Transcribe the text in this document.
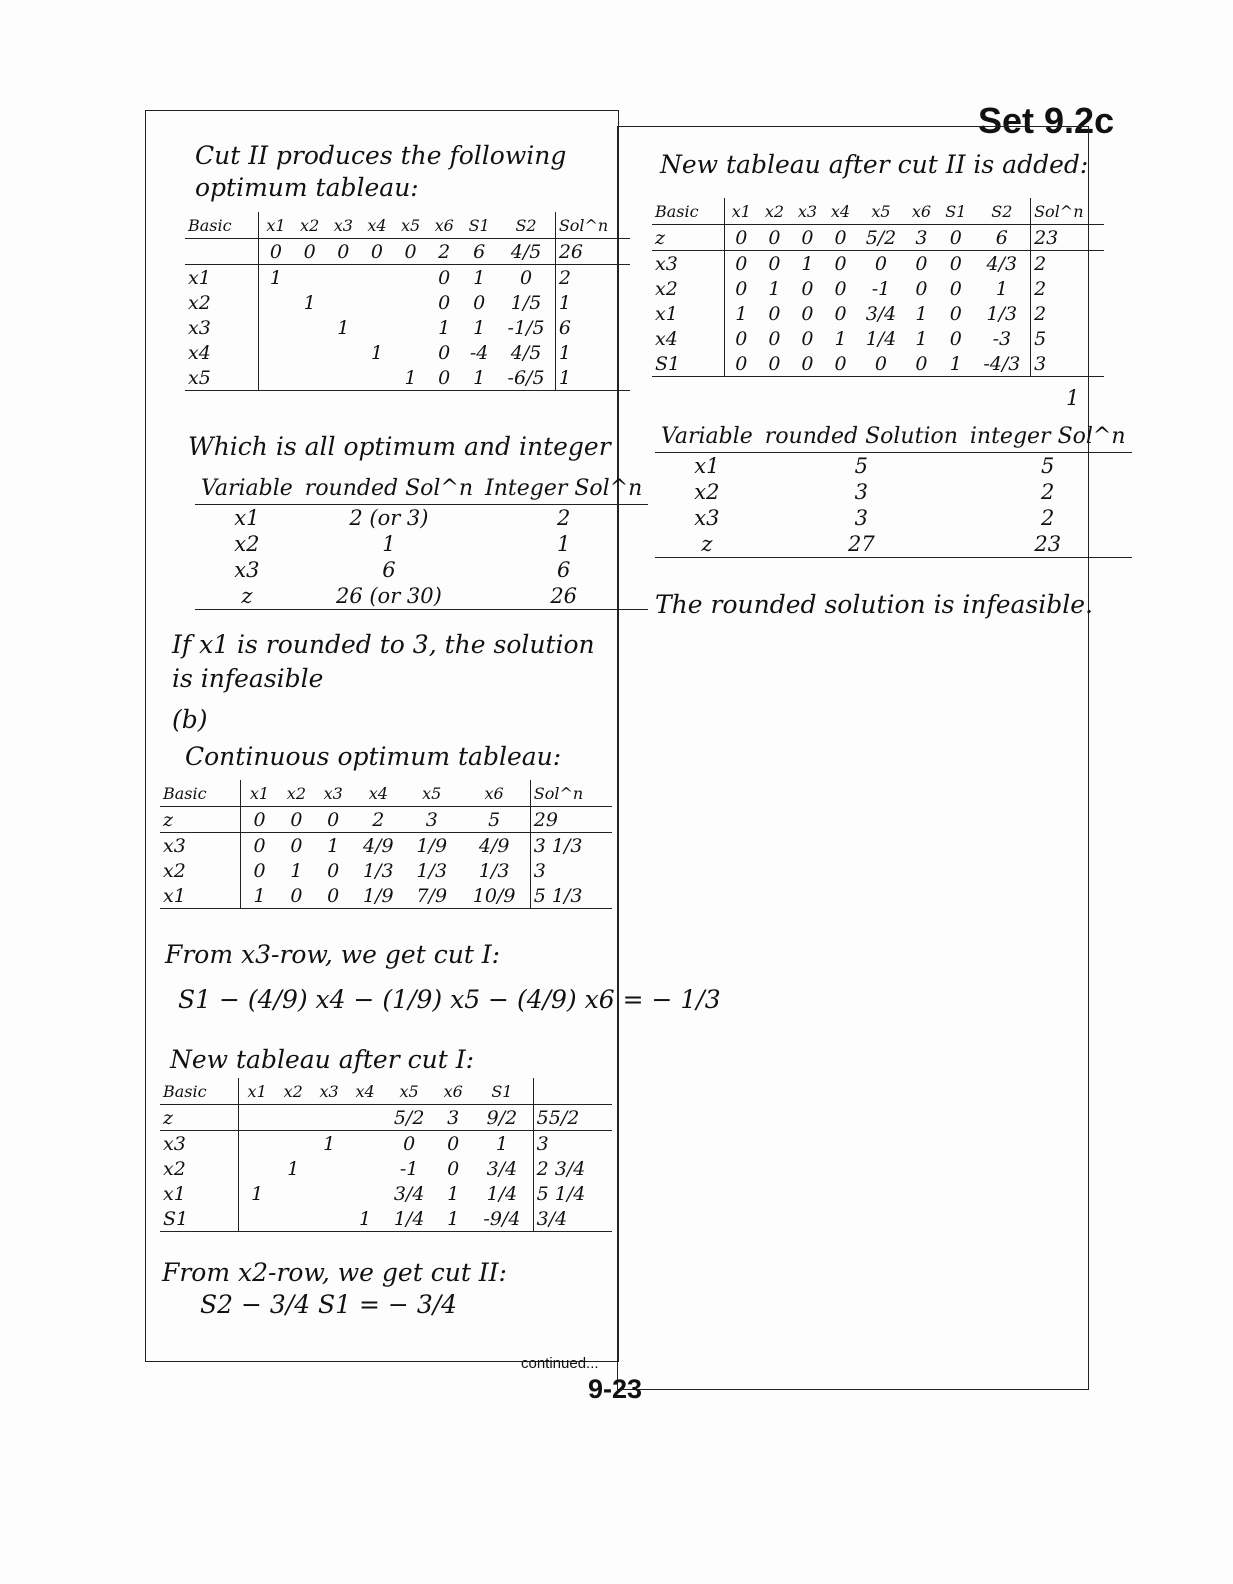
Set 9.2c
Cut II produces the following optimum tableau:
Basic	x1	x2	x3	x4	x5	x6	S1	S2	Sol^n
	0	0	0	0	0	2	6	4/5	26
x1	1					0	1	0	2
x2		1				0	0	1/5	1
x3			1			1	1	-1/5	6
x4				1		0	-4	4/5	1
x5					1	0	1	-6/5	1
Which is all optimum and integer
Variable	rounded Sol^n	Integer Sol^n
x1	2 (or 3)	2
x2	1	1
x3	6	6
z	26 (or 30)	26
If x1 is rounded to 3, the solution is infeasible
(b)
Continuous optimum tableau:
Basic	x1	x2	x3	x4	x5	x6	Sol^n
z	0	0	0	2	3	5	29
x3	0	0	1	4/9	1/9	4/9	3 1/3
x2	0	1	0	1/3	1/3	1/3	3
x1	1	0	0	1/9	7/9	10/9	5 1/3
From x3-row, we get cut I:
S1 − (4/9) x4 − (1/9) x5 − (4/9) x6 = − 1/3
New tableau after cut I:
Basic	x1	x2	x3	x4	x5	x6	S1	
z					5/2	3	9/2	55/2
x3			1		0	0	1	3
x2		1			-1	0	3/4	2 3/4
x1	1				3/4	1	1/4	5 1/4
S1				1	1/4	1	-9/4	3/4
From x2-row, we get cut II:
S2 − 3/4 S1 = − 3/4
New tableau after cut II is added:
Basic	x1	x2	x3	x4	x5	x6	S1	S2	Sol^n
z	0	0	0	0	5/2	3	0	6	23
x3	0	0	1	0	0	0	0	4/3	2
x2	0	1	0	0	-1	0	0	1	2
x1	1	0	0	0	3/4	1	0	1/3	2
x4	0	0	0	1	1/4	1	0	-3	5
S1	0	0	0	0	0	0	1	-4/3	3
1
Variable	rounded Solution	integer Sol^n
x1	5	5
x2	3	2
x3	3	2
z	27	23
The rounded solution is infeasible.
continued...
9-23
